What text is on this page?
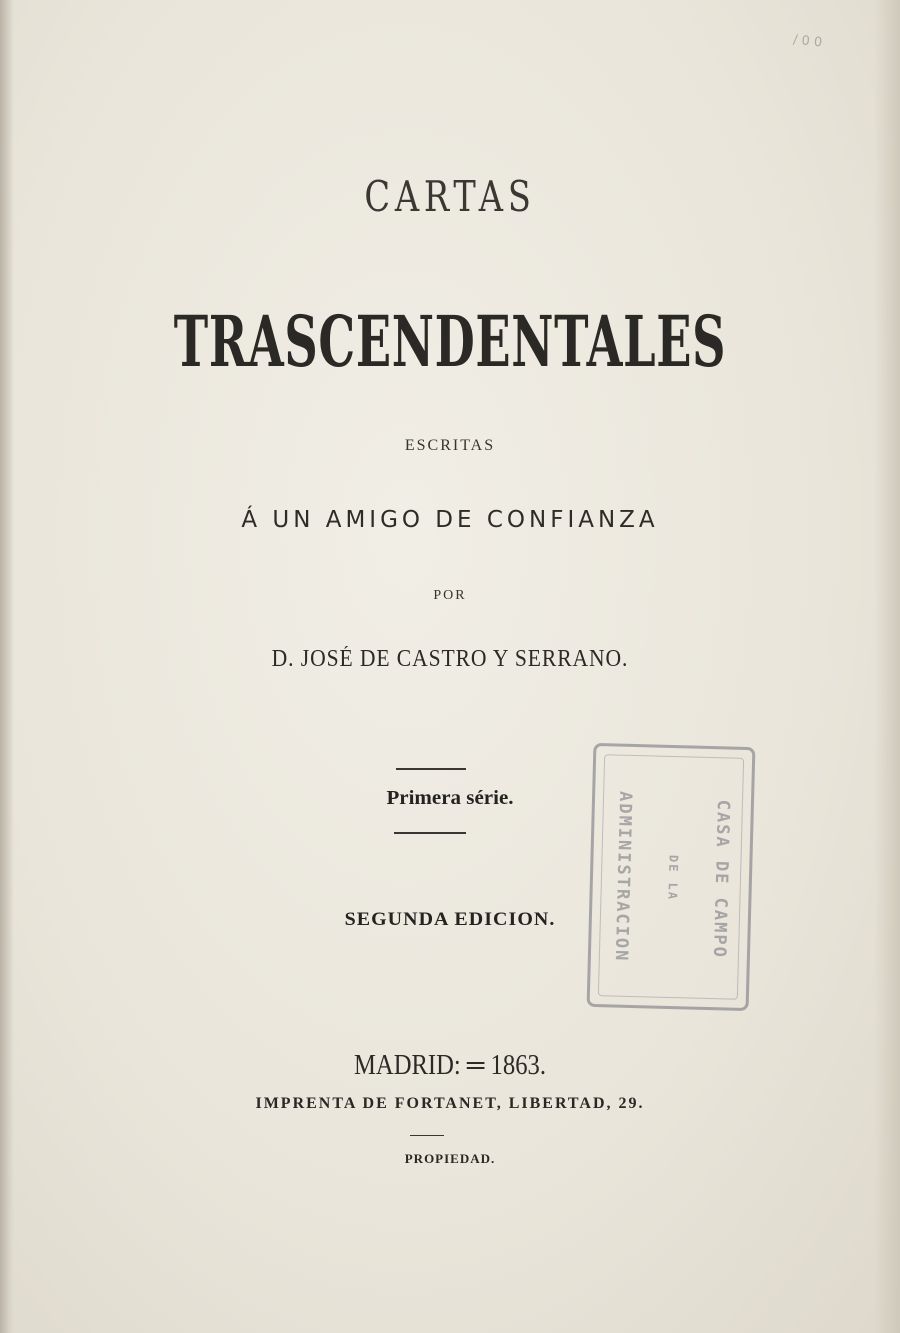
/ 0 0
CARTAS
TRASCENDENTALES
ESCRITAS
Á UN AMIGO DE CONFIANZA
POR
D. JOSÉ DE CASTRO Y SERRANO.
Primera série.
SEGUNDA EDICION.
MADRID: ═ 1863.
IMPRENTA DE FORTANET, LIBERTAD, 29.
PROPIEDAD.
ADMINISTRACION	DE LA CASA DE CAMPO
